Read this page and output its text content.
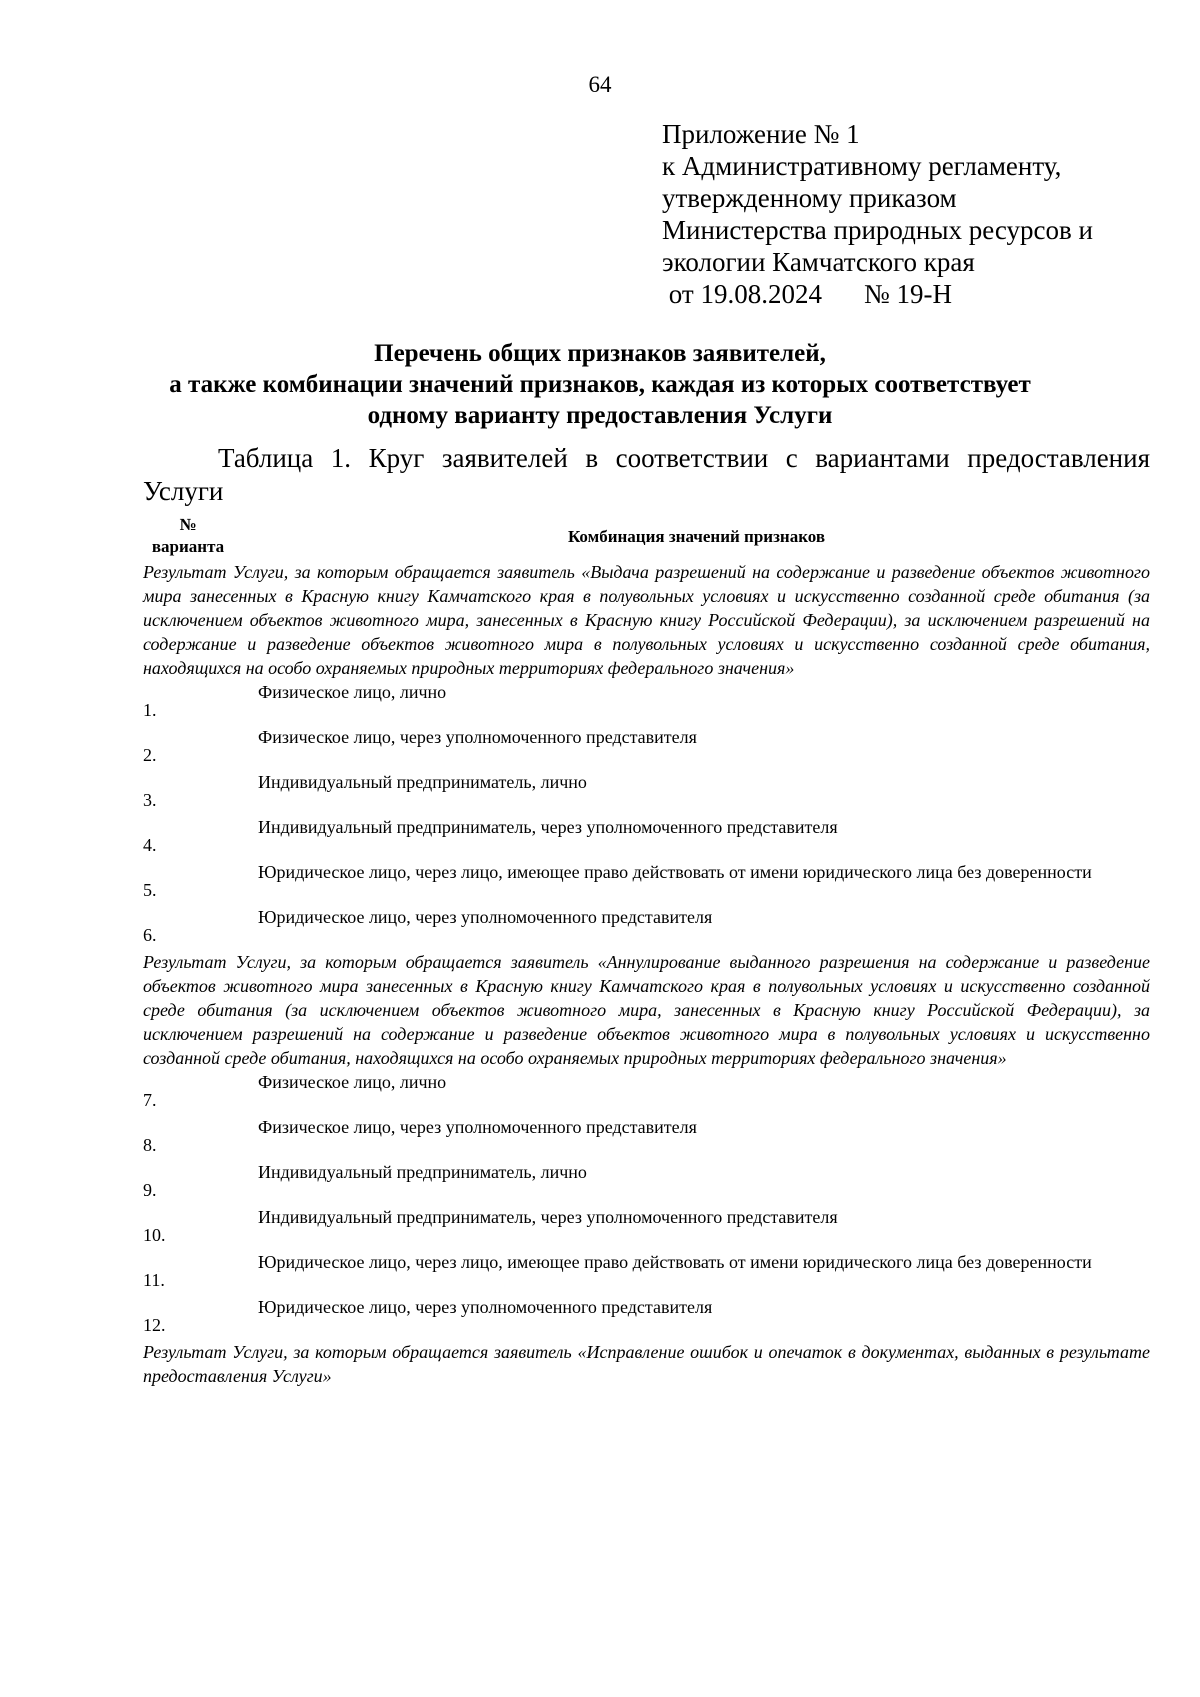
64
Приложение № 1
к Административному регламенту,
утвержденному приказом
Министерства природных ресурсов и
экологии Камчатского края
от 19.08.2024 № 19-Н
Перечень общих признаков заявителей,
а также комбинации значений признаков, каждая из которых соответствует
одному варианту предоставления Услуги
Таблица 1. Круг заявителей в соответствии с вариантами предоставления Услуги
№
варианта
Комбинация значений признаков
Результат Услуги, за которым обращается заявитель «Выдача разрешений на содержание и разведение объектов животного мира занесенных в Красную книгу Камчатского края в полувольных условиях и искусственно созданной среде обитания (за исключением объектов животного мира, занесенных в Красную книгу Российской Федерации), за исключением разрешений на содержание и разведение объектов животного мира в полувольных условиях и искусственно созданной среде обитания, находящихся на особо охраняемых природных территориях федерального значения»
1.
Физическое лицо, лично
2.
Физическое лицо, через уполномоченного представителя
3.
Индивидуальный предприниматель, лично
4.
Индивидуальный предприниматель, через уполномоченного представителя
5.
Юридическое лицо, через лицо, имеющее право действовать от имени юридического лица без доверенности
6.
Юридическое лицо, через уполномоченного представителя
Результат Услуги, за которым обращается заявитель «Аннулирование выданного разрешения на содержание и разведение объектов животного мира занесенных в Красную книгу Камчатского края в полувольных условиях и искусственно созданной среде обитания (за исключением объектов животного мира, занесенных в Красную книгу Российской Федерации), за исключением разрешений на содержание и разведение объектов животного мира в полувольных условиях и искусственно созданной среде обитания, находящихся на особо охраняемых природных территориях федерального значения»
7.
Физическое лицо, лично
8.
Физическое лицо, через уполномоченного представителя
9.
Индивидуальный предприниматель, лично
10.
Индивидуальный предприниматель, через уполномоченного представителя
11.
Юридическое лицо, через лицо, имеющее право действовать от имени юридического лица без доверенности
12.
Юридическое лицо, через уполномоченного представителя
Результат Услуги, за которым обращается заявитель «Исправление ошибок и опечаток в документах, выданных в результате предоставления Услуги»
